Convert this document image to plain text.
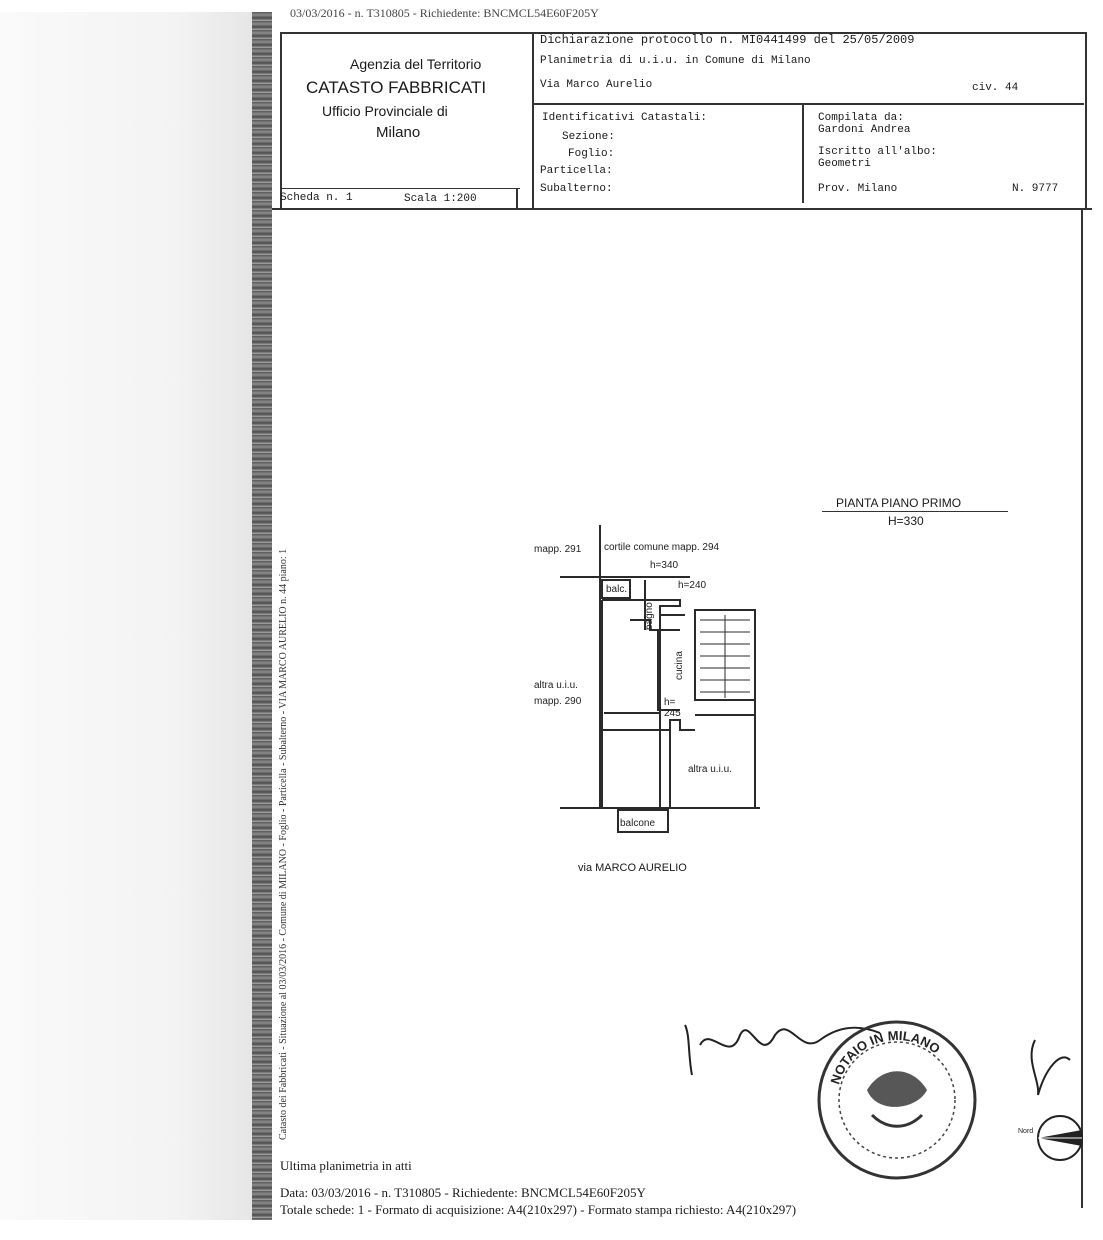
03/03/2016 - n. T310805 - Richiedente: BNCMCL54E60F205Y
Agenzia del Territorio
CATASTO FABBRICATI
Ufficio Provinciale di
Milano
Scheda n. 1	Scala 1:200
Dichiarazione protocollo n. MI0441499 del 25/05/2009
Planimetria di u.i.u. in Comune di Milano
Via Marco Aurelio	civ. 44
Identificativi Catastali:
Sezione:
Foglio:
Particella:
Subalterno:
Compilata da:
Gardoni Andrea
Iscritto all'albo:
Geometri
Prov. Milano	N. 9777
PIANTA PIANO PRIMO
H=330
mapp. 291 cortile comune mapp. 294
h=340
h=240
balc.
bagno
cucina
altra u.i.u.
mapp. 290	h=
245
altra u.i.u.
balcone
via MARCO AURELIO
NOTAIO IN MILANO
Nord
Catasto dei Fabbricati - Situazione al 03/03/2016 - Comune di MILANO - Foglio - Particella - Subalterno - VIA MARCO AURELIO n. 44 piano: 1
Ultima planimetria in atti
Data: 03/03/2016 - n. T310805 - Richiedente: BNCMCL54E60F205Y
Totale schede: 1 - Formato di acquisizione: A4(210x297) - Formato stampa richiesto: A4(210x297)
